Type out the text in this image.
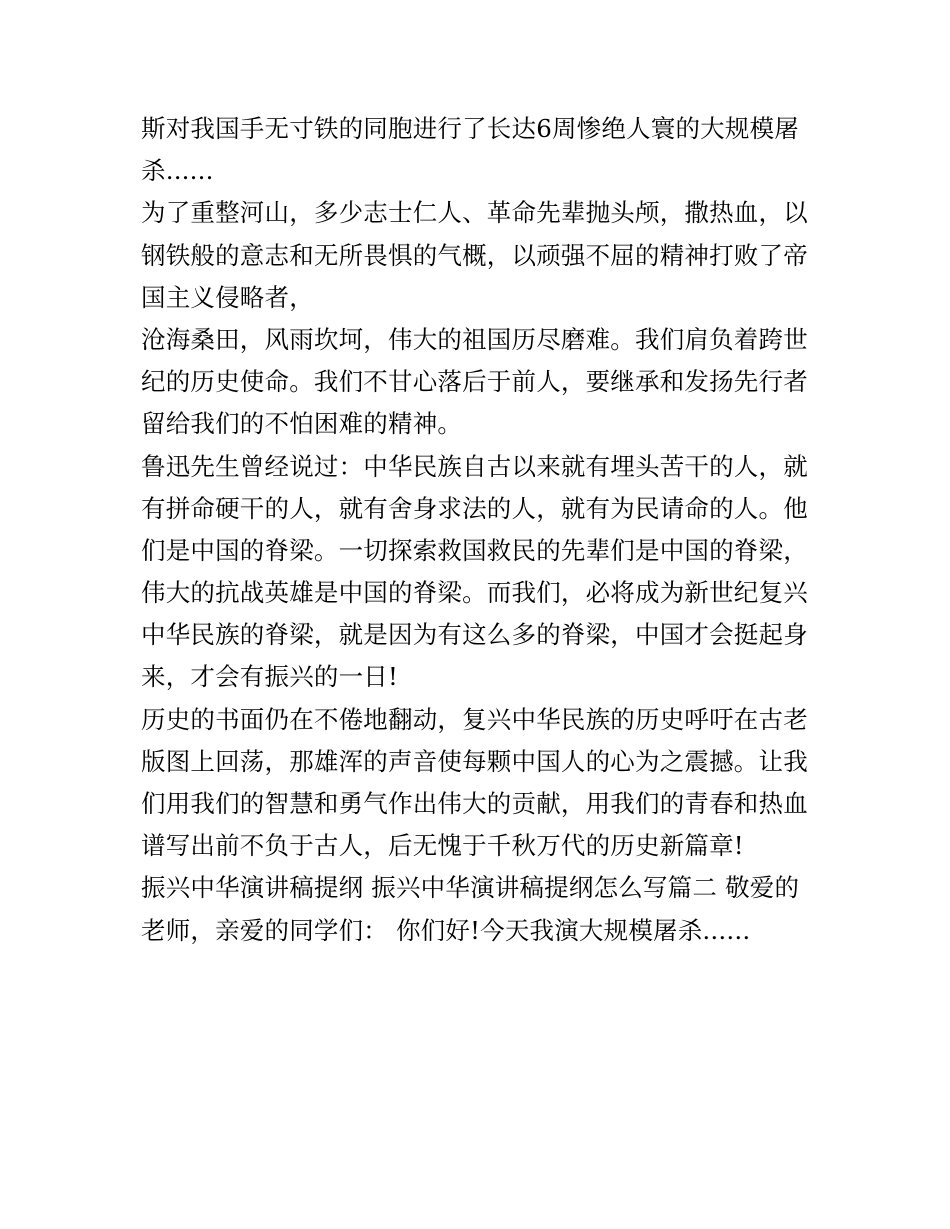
斯对我国手无寸铁的同胞进行了长达6周惨绝人寰的大规模屠
杀......
为了重整河山，多少志士仁人、革命先辈抛头颅，撒热血，以
钢铁般的意志和无所畏惧的气概，以顽强不屈的精神打败了帝
国主义侵略者，
沧海桑田，风雨坎坷，伟大的祖国历尽磨难。我们肩负着跨世
纪的历史使命。我们不甘心落后于前人，要继承和发扬先行者
留给我们的不怕困难的精神。
鲁迅先生曾经说过：中华民族自古以来就有埋头苦干的人，就
有拼命硬干的人，就有舍身求法的人，就有为民请命的人。他
们是中国的脊梁。一切探索救国救民的先辈们是中国的脊梁，
伟大的抗战英雄是中国的脊梁。而我们，必将成为新世纪复兴
中华民族的脊梁，就是因为有这么多的脊梁，中国才会挺起身
来，才会有振兴的一日!
历史的书面仍在不倦地翻动，复兴中华民族的历史呼吁在古老
版图上回荡，那雄浑的声音使每颗中国人的心为之震撼。让我
们用我们的智慧和勇气作出伟大的贡献，用我们的青春和热血
谱写出前不负于古人，后无愧于千秋万代的历史新篇章!
振兴中华演讲稿提纲 振兴中华演讲稿提纲怎么写篇二 敬爱的
老师，亲爱的同学们： 你们好!今天我演大规模屠杀......
